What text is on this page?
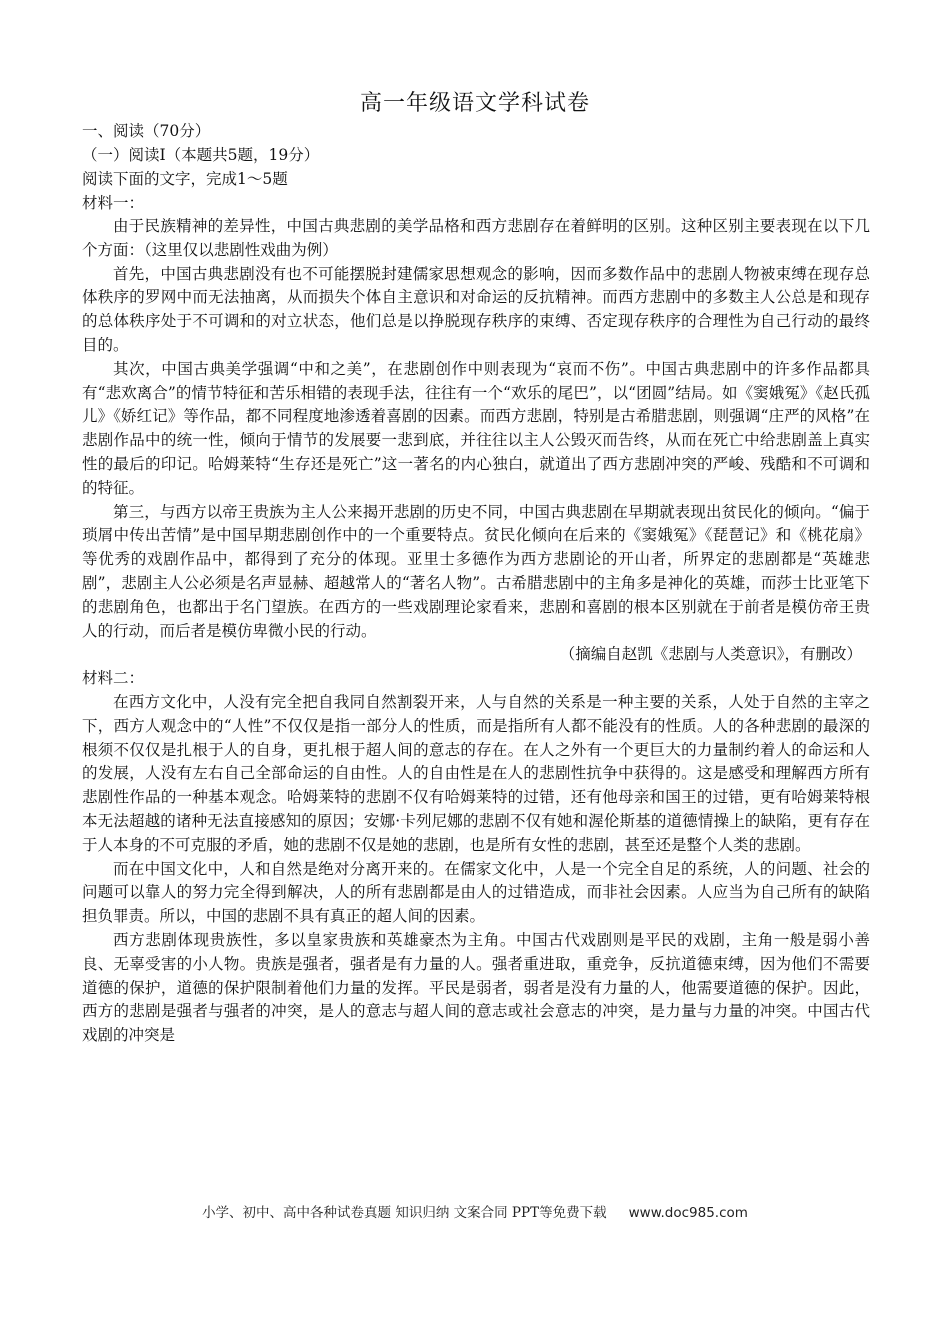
高一年级语文学科试卷
一、阅读（70分）
（一）阅读Ⅰ（本题共5题，19分）
阅读下面的文字，完成1～5题
材料一：

由于民族精神的差异性，中国古典悲剧的美学品格和西方悲剧存在着鲜明的区别。这种区别主要表现在以下几个方面：（这里仅以悲剧性戏曲为例）

首先，中国古典悲剧没有也不可能摆脱封建儒家思想观念的影响，因而多数作品中的悲剧人物被束缚在现存总体秩序的罗网中而无法抽离，从而损失个体自主意识和对命运的反抗精神。而西方悲剧中的多数主人公总是和现存的总体秩序处于不可调和的对立状态，他们总是以挣脱现存秩序的束缚、否定现存秩序的合理性为自己行动的最终目的。

其次，中国古典美学强调“中和之美”，在悲剧创作中则表现为“哀而不伤”。中国古典悲剧中的许多作品都具有“悲欢离合”的情节特征和苦乐相错的表现手法，往往有一个“欢乐的尾巴”，以“团圆”结局。如《窦娥冤》《赵氏孤儿》《娇红记》等作品，都不同程度地渗透着喜剧的因素。而西方悲剧，特别是古希腊悲剧，则强调“庄严的风格”在悲剧作品中的统一性，倾向于情节的发展要一悲到底，并往往以主人公毁灭而告终，从而在死亡中给悲剧盖上真实性的最后的印记。哈姆莱特“生存还是死亡”这一著名的内心独白，就道出了西方悲剧冲突的严峻、残酷和不可调和的特征。

第三，与西方以帝王贵族为主人公来揭开悲剧的历史不同，中国古典悲剧在早期就表现出贫民化的倾向。“偏于琐屑中传出苦情”是中国早期悲剧创作中的一个重要特点。贫民化倾向在后来的《窦娥冤》《琵琶记》和《桃花扇》等优秀的戏剧作品中，都得到了充分的体现。亚里士多德作为西方悲剧论的开山者，所界定的悲剧都是“英雄悲剧”，悲剧主人公必须是名声显赫、超越常人的“著名人物”。古希腊悲剧中的主角多是神化的英雄，而莎士比亚笔下的悲剧角色，也都出于名门望族。在西方的一些戏剧理论家看来，悲剧和喜剧的根本区别就在于前者是模仿帝王贵人的行动，而后者是模仿卑微小民的行动。

（摘编自赵凯《悲剧与人类意识》，有删改）

材料二：

在西方文化中，人没有完全把自我同自然割裂开来，人与自然的关系是一种主要的关系，人处于自然的主宰之下，西方人观念中的“人性”不仅仅是指一部分人的性质，而是指所有人都不能没有的性质。人的各种悲剧的最深的根须不仅仅是扎根于人的自身，更扎根于超人间的意志的存在。在人之外有一个更巨大的力量制约着人的命运和人的发展，人没有左右自己全部命运的自由性。人的自由性是在人的悲剧性抗争中获得的。这是感受和理解西方所有悲剧性作品的一种基本观念。哈姆莱特的悲剧不仅有哈姆莱特的过错，还有他母亲和国王的过错，更有哈姆莱特根本无法超越的诸种无法直接感知的原因；安娜·卡列尼娜的悲剧不仅有她和渥伦斯基的道德情操上的缺陷，更有存在于人本身的不可克服的矛盾，她的悲剧不仅是她的悲剧，也是所有女性的悲剧，甚至还是整个人类的悲剧。

而在中国文化中，人和自然是绝对分离开来的。在儒家文化中，人是一个完全自足的系统，人的问题、社会的问题可以靠人的努力完全得到解决，人的所有悲剧都是由人的过错造成，而非社会因素。人应当为自己所有的缺陷担负罪责。所以，中国的悲剧不具有真正的超人间的因素。

西方悲剧体现贵族性，多以皇家贵族和英雄豪杰为主角。中国古代戏剧则是平民的戏剧，主角一般是弱小善良、无辜受害的小人物。贵族是强者，强者是有力量的人。强者重进取，重竞争，反抗道德束缚，因为他们不需要道德的保护，道德的保护限制着他们力量的发挥。平民是弱者，弱者是没有力量的人，他需要道德的保护。因此，西方的悲剧是强者与强者的冲突，是人的意志与超人间的意志或社会意志的冲突，是力量与力量的冲突。中国古代戏剧的冲突是

小学、初中、高中各种试卷真题 知识归纳 文案合同 PPT等免费下载 www.doc985.com
